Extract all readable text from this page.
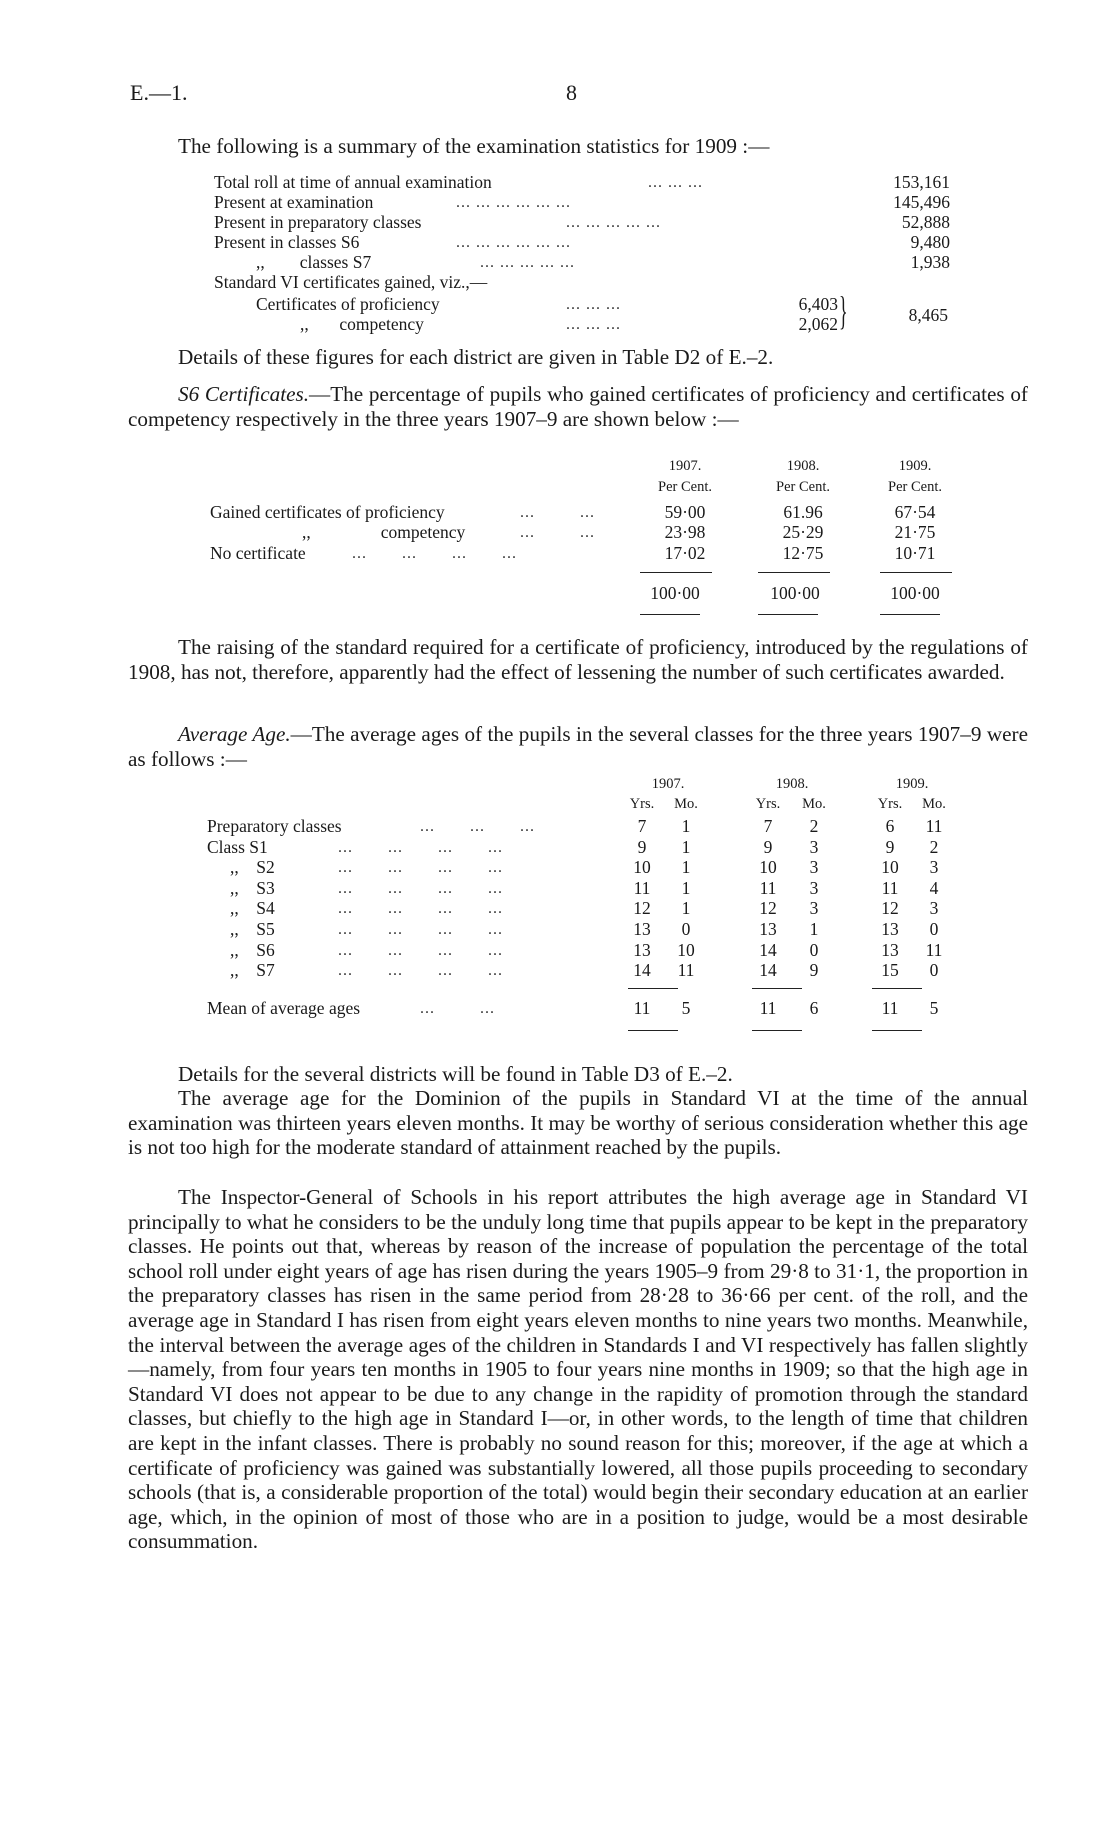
E.—1.	8

The following is a summary of the examination statistics for 1909 :—

Total roll at time of annual examination	... ... ...	153,161
Present at examination	... ... ... ... ... ...	145,496
Present in preparatory classes	... ... ... ... ...	52,888
Present in classes S6	... ... ... ... ... ...	9,480
,,        classes S7	... ... ... ... ...	1,938
Standard VI certificates gained, viz.,—
Certificates of proficiency	... ... ...	6,403
,,       competency	... ... ...	2,062 }	8,465

Details of these figures for each district are given in Table D2 of E.–2.

S6 Certificates.—The percentage of pupils who gained certificates of proficiency and certificates of competency respectively in the three years 1907–9 are shown below :—

1907.	1908.	1909.
Per Cent.	Per Cent.	Per Cent.
Gained certificates of proficiency	...         ...	59·00	61.96	67·54
,,                competency	...         ...	23·98	25·29	21·75
No certificate	...       ...       ...       ...	17·02	12·75	10·71
100·00	100·00	100·00

The raising of the standard required for a certificate of proficiency, introduced by the regulations of 1908, has not, therefore, apparently had the effect of lessening the number of such certificates awarded.

Average Age.—The average ages of the pupils in the several classes for the three years 1907–9 were as follows :—

1907.	1908.	1909.
Yrs.	Mo.	Yrs.	Mo.	Yrs.	Mo.
Preparatory classes	...       ...       ...	7	1	7	2	6	11
Class S1	...       ...       ...       ...	9	1	9	3	9	2
,,    S2	...       ...       ...       ...	10	1	10	3	10	3
,,    S3	...       ...       ...       ...	11	1	11	3	11	4
,,    S4	...       ...       ...       ...	12	1	12	3	12	3
,,    S5	...       ...       ...       ...	13	0	13	1	13	0
,,    S6	...       ...       ...       ...	13	10	14	0	13	11
,,    S7	...       ...       ...       ...	14	11	14	9	15	0
Mean of average ages	...         ...	11	5	11	6	11	5

Details for the several districts will be found in Table D3 of E.–2.

The average age for the Dominion of the pupils in Standard VI at the time of the annual examination was thirteen years eleven months. It may be worthy of serious consideration whether this age is not too high for the moderate standard of attainment reached by the pupils.

The Inspector-General of Schools in his report attributes the high average age in Standard VI principally to what he considers to be the unduly long time that pupils appear to be kept in the preparatory classes. He points out that, whereas by reason of the increase of population the percentage of the total school roll under eight years of age has risen during the years 1905–9 from 29·8 to 31·1, the proportion in the preparatory classes has risen in the same period from 28·28 to 36·66 per cent. of the roll, and the average age in Standard I has risen from eight years eleven months to nine years two months. Meanwhile, the interval between the average ages of the children in Standards I and VI respectively has fallen slightly—namely, from four years ten months in 1905 to four years nine months in 1909; so that the high age in Standard VI does not appear to be due to any change in the rapidity of promotion through the standard classes, but chiefly to the high age in Standard I—or, in other words, to the length of time that children are kept in the infant classes. There is probably no sound reason for this; moreover, if the age at which a certificate of proficiency was gained was substantially lowered, all those pupils proceeding to secondary schools (that is, a considerable proportion of the total) would begin their secondary education at an earlier age, which, in the opinion of most of those who are in a position to judge, would be a most desirable consummation.
